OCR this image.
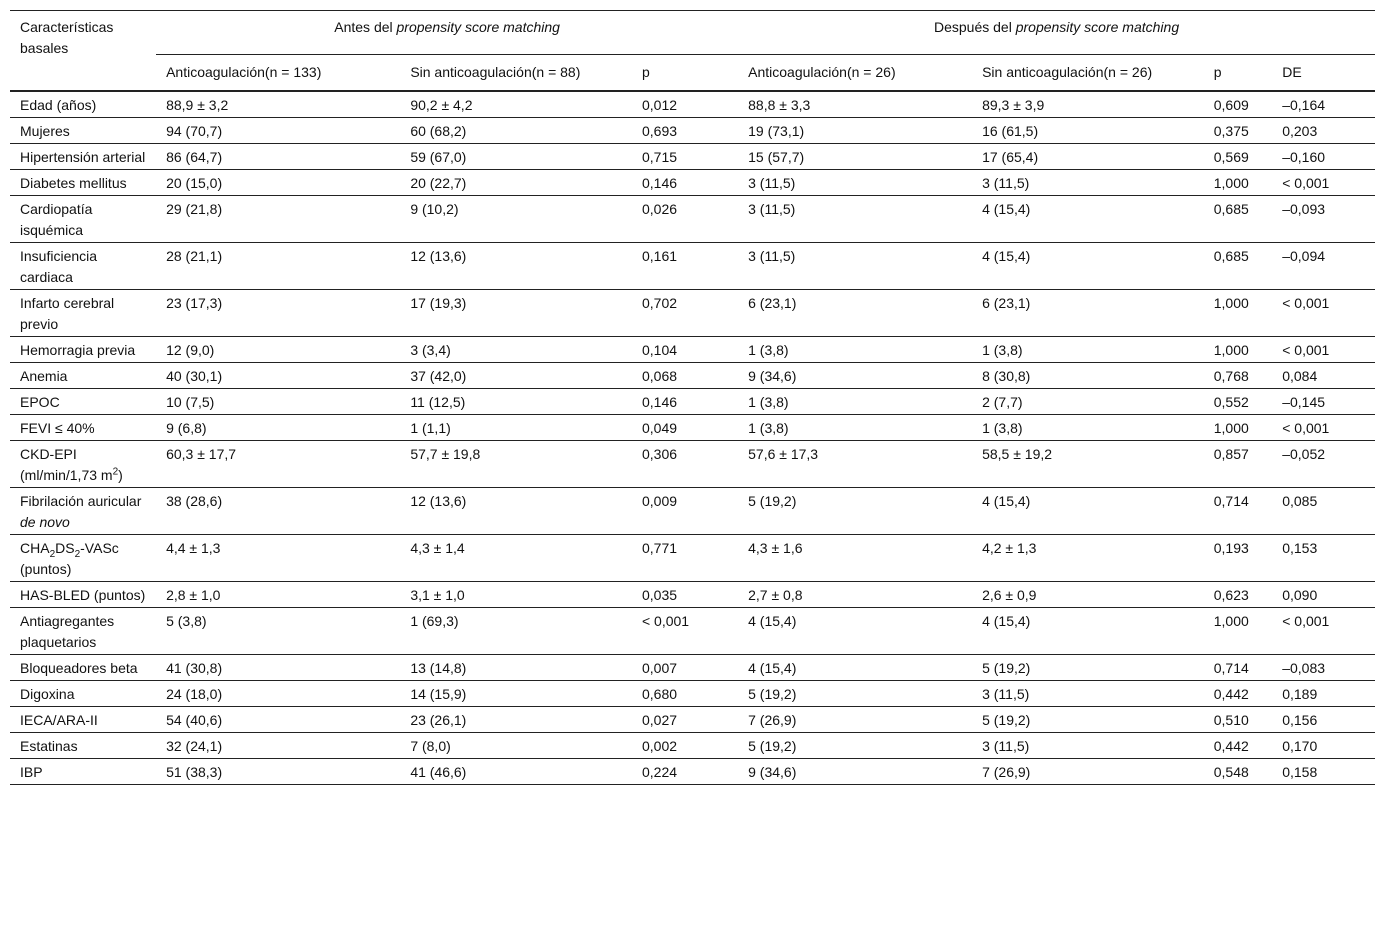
Características basales	Antes del propensity score matching			Después del propensity score matching			
	Anticoagulación(n = 133)	Sin anticoagulación(n = 88)	p	Anticoagulación(n = 26)	Sin anticoagulación(n = 26)	p	DE
Edad (años)	88,9 ± 3,2	90,2 ± 4,2	0,012	88,8 ± 3,3	89,3 ± 3,9	0,609	–0,164
Mujeres	94 (70,7)	60 (68,2)	0,693	19 (73,1)	16 (61,5)	0,375	0,203
Hipertensión arterial	86 (64,7)	59 (67,0)	0,715	15 (57,7)	17 (65,4)	0,569	–0,160
Diabetes mellitus	20 (15,0)	20 (22,7)	0,146	3 (11,5)	3 (11,5)	1,000	< 0,001
Cardiopatía isquémica	29 (21,8)	9 (10,2)	0,026	3 (11,5)	4 (15,4)	0,685	–0,093
Insuficiencia cardiaca	28 (21,1)	12 (13,6)	0,161	3 (11,5)	4 (15,4)	0,685	–0,094
Infarto cerebral previo	23 (17,3)	17 (19,3)	0,702	6 (23,1)	6 (23,1)	1,000	< 0,001
Hemorragia previa	12 (9,0)	3 (3,4)	0,104	1 (3,8)	1 (3,8)	1,000	< 0,001
Anemia	40 (30,1)	37 (42,0)	0,068	9 (34,6)	8 (30,8)	0,768	0,084
EPOC	10 (7,5)	11 (12,5)	0,146	1 (3,8)	2 (7,7)	0,552	–0,145
FEVI ≤ 40%	9 (6,8)	1 (1,1)	0,049	1 (3,8)	1 (3,8)	1,000	< 0,001
CKD-EPI (ml/min/1,73 $m^2$)	60,3 ± 17,7	57,7 ± 19,8	0,306	57,6 ± 17,3	58,5 ± 19,2	0,857	–0,052
Fibrilación auricular de novo	38 (28,6)	12 (13,6)	0,009	5 (19,2)	4 (15,4)	0,714	0,085
$CHA_2DS_2$-VASc (puntos)	4,4 ± 1,3	4,3 ± 1,4	0,771	4,3 ± 1,6	4,2 ± 1,3	0,193	0,153
HAS-BLED (puntos)	2,8 ± 1,0	3,1 ± 1,0	0,035	2,7 ± 0,8	2,6 ± 0,9	0,623	0,090
Antiagregantes plaquetarios	5 (3,8)	1 (69,3)	< 0,001	4 (15,4)	4 (15,4)	1,000	< 0,001
Bloqueadores beta	41 (30,8)	13 (14,8)	0,007	4 (15,4)	5 (19,2)	0,714	–0,083
Digoxina	24 (18,0)	14 (15,9)	0,680	5 (19,2)	3 (11,5)	0,442	0,189
IECA/ARA-II	54 (40,6)	23 (26,1)	0,027	7 (26,9)	5 (19,2)	0,510	0,156
Estatinas	32 (24,1)	7 (8,0)	0,002	5 (19,2)	3 (11,5)	0,442	0,170
IBP	51 (38,3)	41 (46,6)	0,224	9 (34,6)	7 (26,9)	0,548	0,158
